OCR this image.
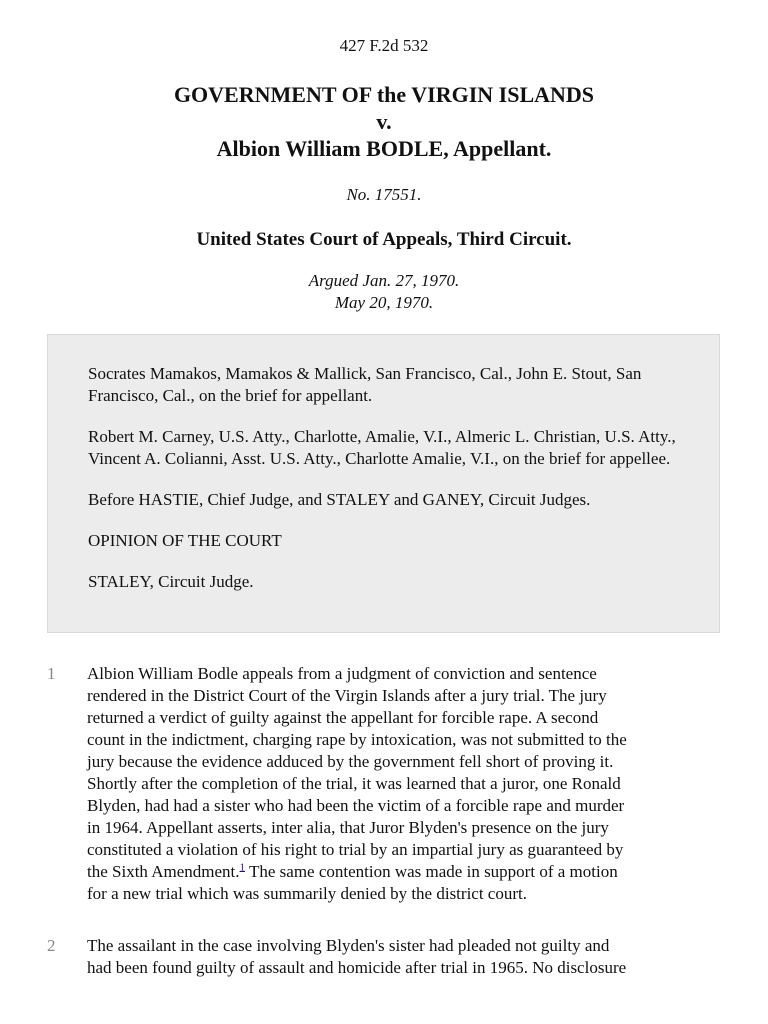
427 F.2d 532
GOVERNMENT OF the VIRGIN ISLANDS
v.
Albion William BODLE, Appellant.
No. 17551.
United States Court of Appeals, Third Circuit.
Argued Jan. 27, 1970.
May 20, 1970.

Socrates Mamakos, Mamakos & Mallick, San Francisco, Cal., John E. Stout, San Francisco, Cal., on the brief for appellant.

Robert M. Carney, U.S. Atty., Charlotte, Amalie, V.I., Almeric L. Christian, U.S. Atty., Vincent A. Colianni, Asst. U.S. Atty., Charlotte Amalie, V.I., on the brief for appellee.

Before HASTIE, Chief Judge, and STALEY and GANEY, Circuit Judges.

OPINION OF THE COURT

STALEY, Circuit Judge.

1 Albion William Bodle appeals from a judgment of conviction and sentence
rendered in the District Court of the Virgin Islands after a jury trial. The jury
returned a verdict of guilty against the appellant for forcible rape. A second
count in the indictment, charging rape by intoxication, was not submitted to the
jury because the evidence adduced by the government fell short of proving it.
Shortly after the completion of the trial, it was learned that a juror, one Ronald
Blyden, had had a sister who had been the victim of a forcible rape and murder
in 1964. Appellant asserts, inter alia, that Juror Blyden's presence on the jury
constituted a violation of his right to trial by an impartial jury as guaranteed by
the Sixth Amendment.$^1$ The same contention was made in support of a motion
for a new trial which was summarily denied by the district court.
2 The assailant in the case involving Blyden's sister had pleaded not guilty and
had been found guilty of assault and homicide after trial in 1965. No disclosure
